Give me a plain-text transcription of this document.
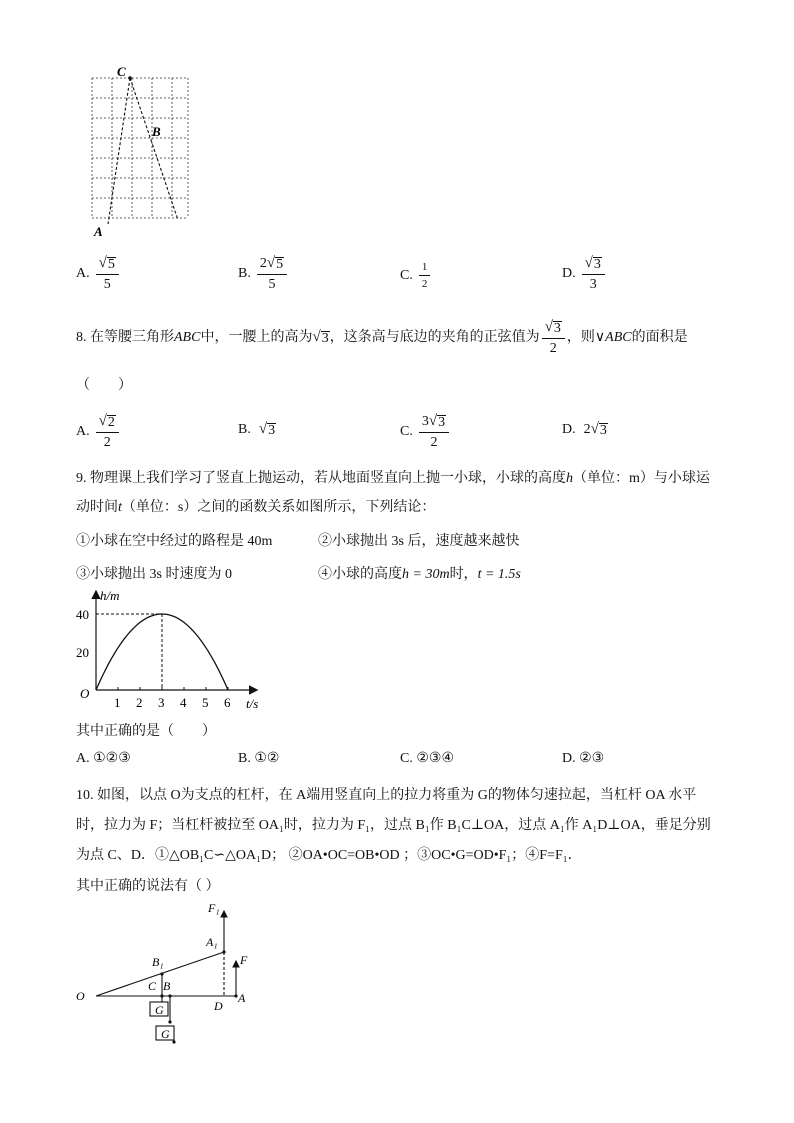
C
B
A
A. $\frac{√ 5}{5}$	B. $\frac{2 √ 5}{5}$	C. $\frac{1}{2}$	D. $\frac{√ 3}{3}$
8. 在等腰三角形 ABC 中，一腰上的高为 √ 3 ，这条高与底边的夹角的正弦值为 $\frac{√ 3}{2}$ ，则 ∨ABC 的面积是
（　　）
A. $\frac{√ 2}{2}$	B. √ 3	C. $\frac{3 √ 3}{2}$	D. 2 √ 3
9. 物理课上我们学习了竖直上抛运动，若从地面竖直向上抛一小球，小球的高度h（单位：m）与小球运
动时间t（单位：s）之间的函数关系如图所示，下列结论：
①小球在空中经过的路程是 40m	②小球抛出 3s 后，速度越来越快
③小球抛出 3s 时速度为 0	④小球的高度h = 30m时，t = 1.5s
1 2 3 4 5 6
20
40
h/m
t/s
O
其中正确的是（　　）
A. ①②③	B. ①②	C. ②③④	D. ②③
10. 如图，以点 O为支点的杠杆，在 A端用竖直向上的拉力将重为 G的物体匀速拉起，当杠杆 OA 水平
时，拉力为 F；当杠杆被拉至 OA₁时，拉力为 F₁，过点 B₁作 B₁C⊥OA，过点 A₁作 A₁D⊥OA，垂足分别
为点 C、D．①△OB₁C∽△OA₁D； ②OA•OC=OB•OD ；③OC•G=OD•F₁；④F=F₁．
其中正确的说法有（ ）
O	A
A₁
B
B₁
C
D
F
F₁
G
G
